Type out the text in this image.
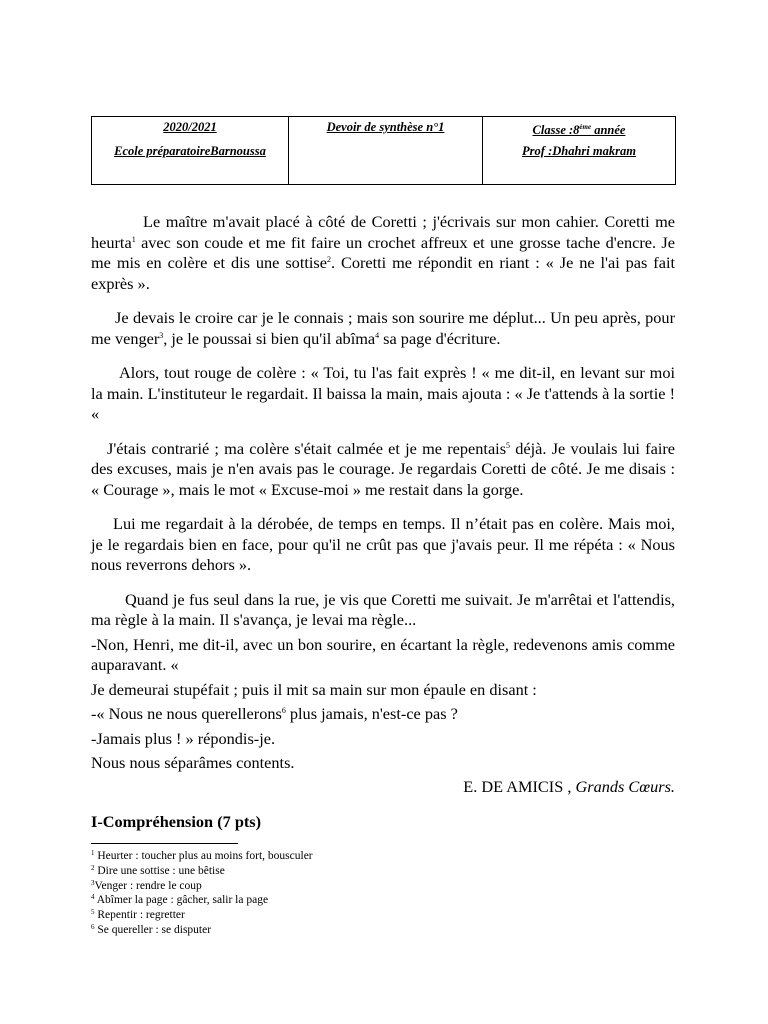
2020/2021
Ecole préparatoireBarnoussa
Devoir de synthèse n°1	Classe :8ème année
Prof :Dhahri makram

Le maître m'avait placé à côté de Coretti ; j'écrivais sur mon cahier. Coretti me heurta$^1$ avec son coude et me fit faire un crochet affreux et une grosse tache d'encre. Je me mis en colère et dis une sottise$^2$. Coretti me répondit en riant : « Je ne l'ai pas fait exprès ».

Je devais le croire car je le connais ; mais son sourire me déplut... Un peu après, pour me venger$^3$, je le poussai si bien qu'il abîma$^4$ sa page d'écriture.

Alors, tout rouge de colère : « Toi, tu l'as fait exprès ! « me dit-il, en levant sur moi la main. L'instituteur le regardait. Il baissa la main, mais ajouta : « Je t'attends à la sortie ! «

J'étais contrarié ; ma colère s'était calmée et je me repentais$^5$ déjà. Je voulais lui faire des excuses, mais je n'en avais pas le courage. Je regardais Coretti de côté. Je me disais : « Courage », mais le mot « Excuse-moi » me restait dans la gorge.

Lui me regardait à la dérobée, de temps en temps. Il n’était pas en colère. Mais moi, je le regardais bien en face, pour qu'il ne crût pas que j'avais peur. Il me répéta : « Nous nous reverrons dehors ».

Quand je fus seul dans la rue, je vis que Coretti me suivait. Je m'arrêtai et l'attendis, ma règle à la main. Il s'avança, je levai ma règle...

-Non, Henri, me dit-il, avec un bon sourire, en écartant la règle, redevenons amis comme auparavant. «

Je demeurai stupéfait ; puis il mit sa main sur mon épaule en disant :

-« Nous ne nous querellerons$^6$ plus jamais, n'est-ce pas ?

-Jamais plus ! » répondis-je.

Nous nous séparâmes contents.

E. DE AMICIS , Grands Cœurs.

I-Compréhension (7 pts)
$^1$ Heurter : toucher plus au moins fort, bousculer
$^2$ Dire une sottise : une bêtise
$^3$Venger : rendre le coup
$^4$ Abîmer la page : gâcher, salir la page
$^5$ Repentir : regretter
$^6$ Se quereller : se disputer
